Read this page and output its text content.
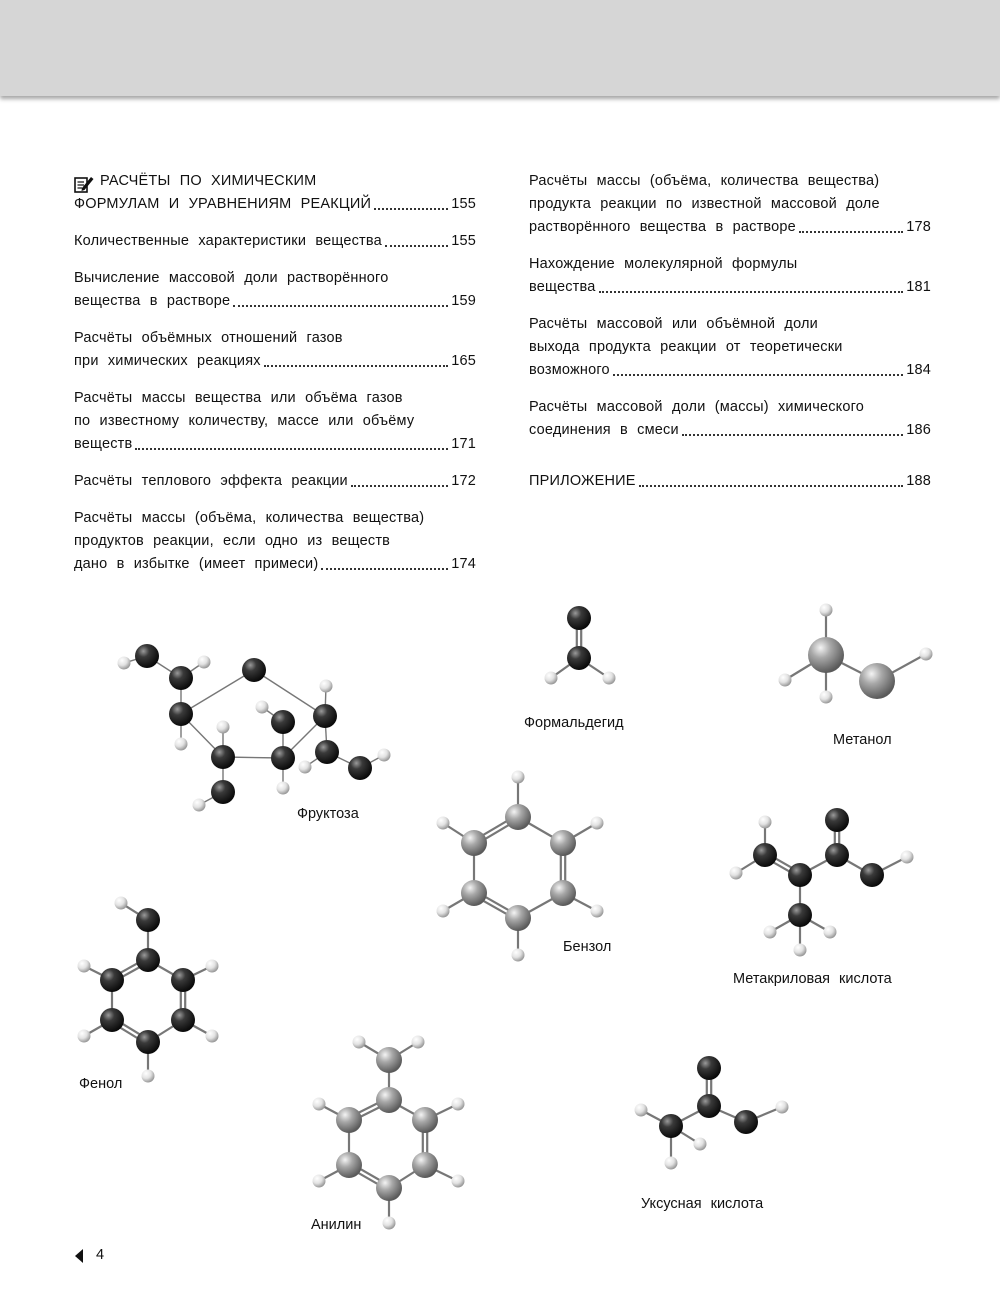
РАСЧЁТЫ ПО ХИМИЧЕСКИМ
ФОРМУЛАМ И УРАВНЕНИЯМ РЕАКЦИЙ	155
Количественные характеристики вещества	155
Вычисление массовой доли растворённого
вещества в растворе	159
Расчёты объёмных отношений газов
при химических реакциях	165
Расчёты массы вещества или объёма газов
по известному количеству, массе или объёму
веществ	171
Расчёты теплового эффекта реакции	172
Расчёты массы (объёма, количества вещества)
продуктов реакции, если одно из веществ
дано в избытке (имеет примеси)	174
Расчёты массы (объёма, количества вещества)
продукта реакции по известной массовой доле
растворённого вещества в растворе	178
Нахождение молекулярной формулы
вещества	181
Расчёты массовой или объёмной доли
выхода продукта реакции от теоретически
возможного	184
Расчёты массовой доли (массы) химического
соединения в смеси	186
ПРИЛОЖЕНИЕ	188
Фруктоза
Формальдегид
Метанол
Бензол
Метакриловая кислота
Фенол
Анилин
Уксусная кислота
4
